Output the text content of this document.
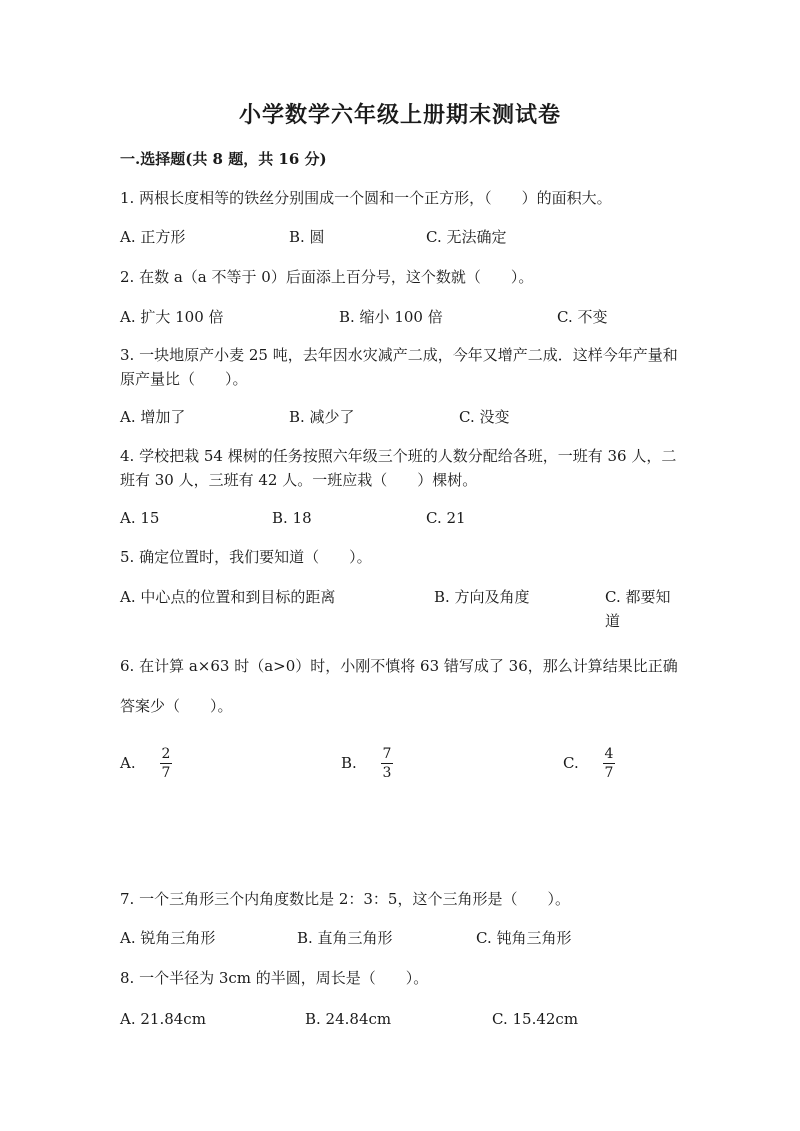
小学数学六年级上册期末测试卷
一.选择题(共 8 题，共 16 分)
1. 两根长度相等的铁丝分别围成一个圆和一个正方形，（　　）的面积大。
A. 正方形	B. 圆	C. 无法确定
2. 在数 a（a 不等于 0）后面添上百分号，这个数就（　　）。
A. 扩大 100 倍	B. 缩小 100 倍	C. 不变
3. 一块地原产小麦 25 吨，去年因水灾减产二成，今年又增产二成．这样今年产量和原产量比（　　）。
A. 增加了	B. 减少了	C. 没变
4. 学校把栽 54 棵树的任务按照六年级三个班的人数分配给各班，一班有 36 人，二班有 30 人，三班有 42 人。一班应栽（　　）棵树。
A. 15	B. 18	C. 21
5. 确定位置时，我们要知道（　　）。
A. 中心点的位置和到目标的距离	B. 方向及角度	C. 都要知道
6. 在计算 a×63 时（a>0）时，小刚不慎将 63 错写成了 36，那么计算结果比正确答案少（　　）。
A. 2
7
B. 7
3
C. 4
7
7. 一个三角形三个内角度数比是 2：3：5，这个三角形是（　　）。
A. 锐角三角形	B. 直角三角形	C. 钝角三角形
8. 一个半径为 3cm 的半圆，周长是（　　）。
A. 21.84cm	B. 24.84cm	C. 15.42cm
